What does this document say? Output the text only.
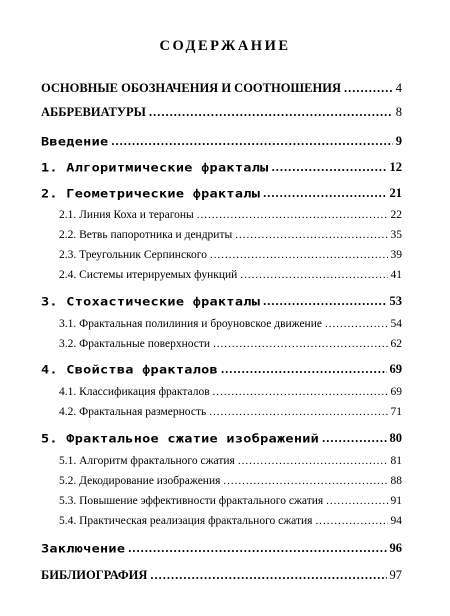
СОДЕРЖАНИЕ
ОСНОВНЫЕ ОБОЗНАЧЕНИЯ И СООТНОШЕНИЯ .....	4
АББРЕВИАТУРЫ .....	8
Введение .....	9
1. Алгоритмические фракталы .....	12
2. Геометрические фракталы .....	21
2.1. Линия Коха и терагоны .....	22
2.2. Ветвь папоротника и дендриты .....	35
2.3. Треугольник Серпинского .....	39
2.4. Системы итерируемых функций .....	41
3. Стохастические фракталы .....	53
3.1. Фрактальная полилиния и броуновское движение .....	54
3.2. Фрактальные поверхности .....	62
4. Свойства фракталов .....	69
4.1. Классификация фракталов .....	69
4.2. Фрактальная размерность .....	71
5. Фрактальное сжатие изображений .....	80
5.1. Алгоритм фрактального сжатия .....	81
5.2. Декодирование изображения .....	88
5.3. Повышение эффективности фрактального сжатия .....	91
5.4. Практическая реализация фрактального сжатия .....	94
Заключение .....	96
БИБЛИОГРАФИЯ .....	97
